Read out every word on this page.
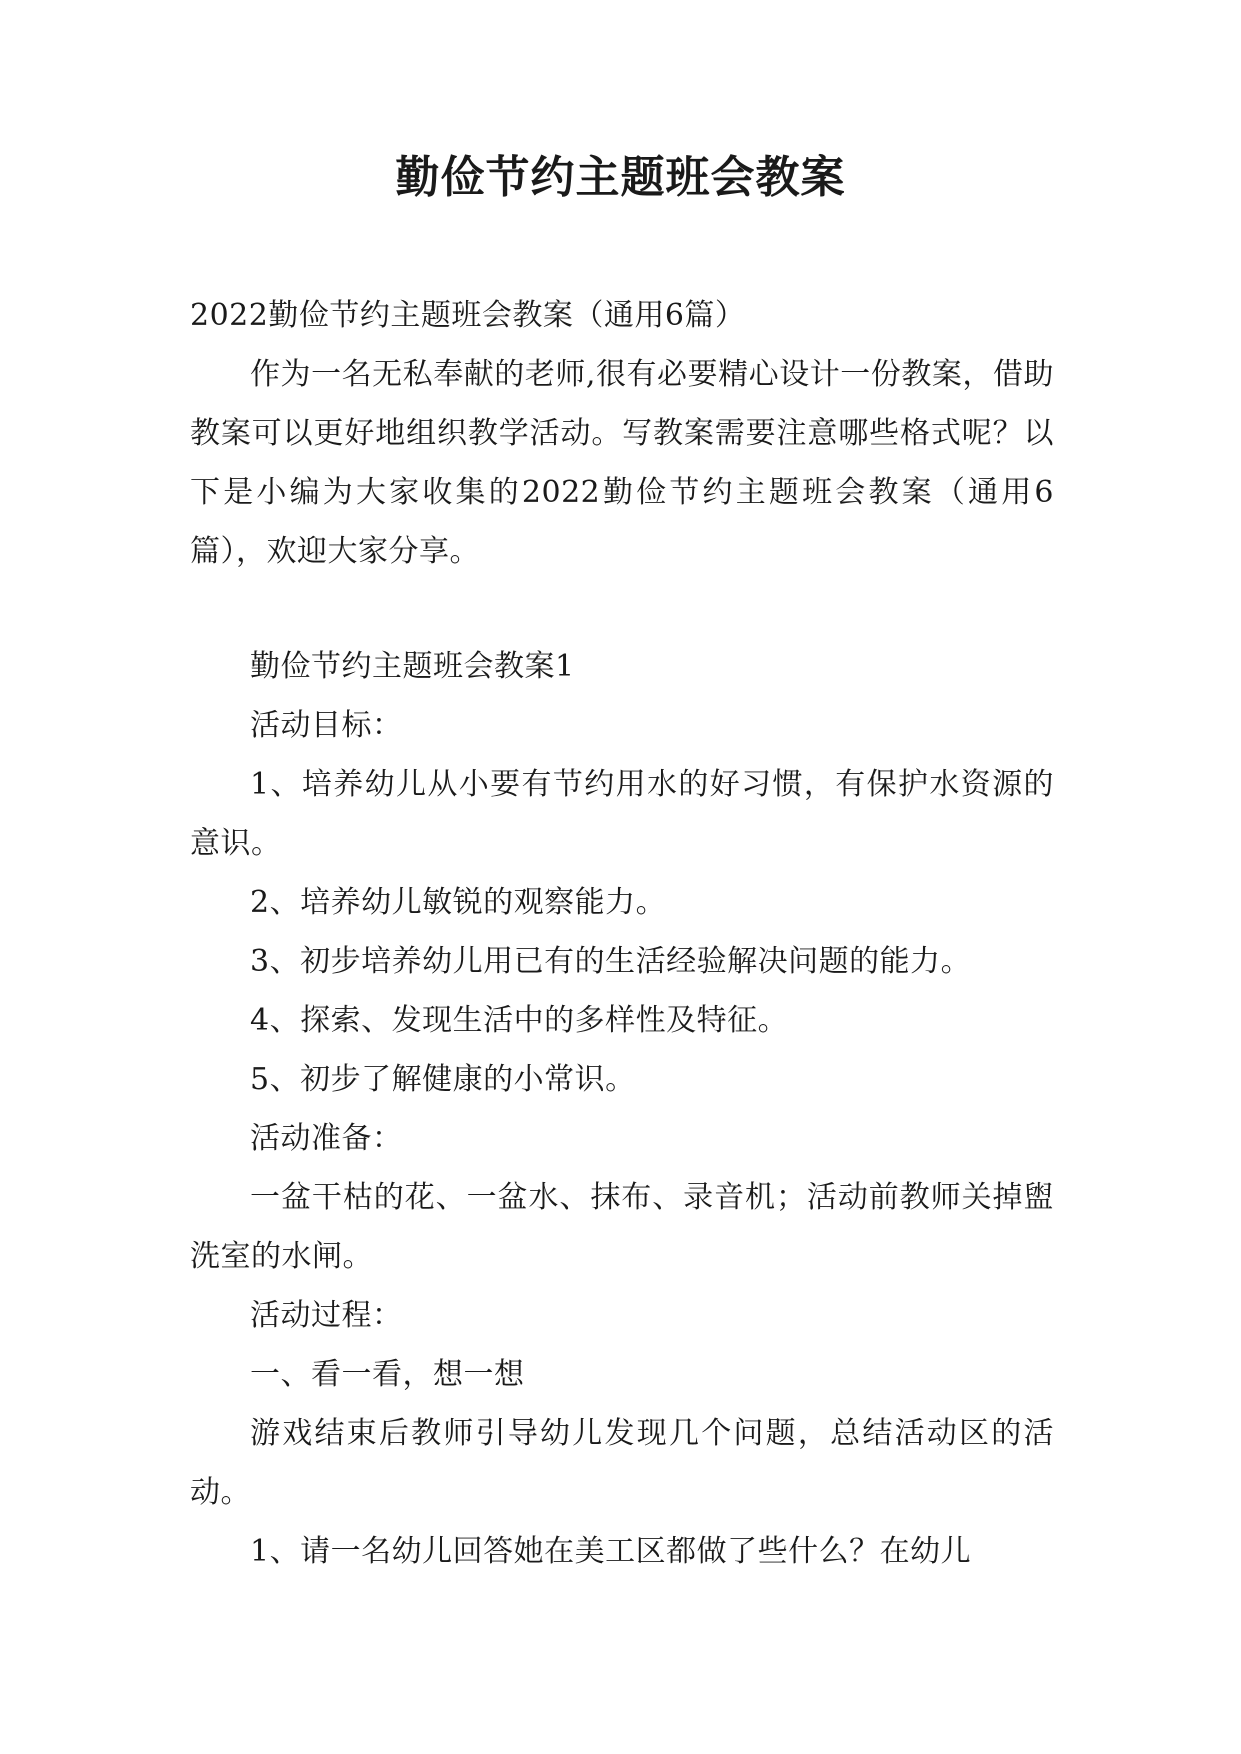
勤俭节约主题班会教案

2022勤俭节约主题班会教案（通用6篇）

作为一名无私奉献的老师,很有必要精心设计一份教案，借助教案可以更好地组织教学活动。写教案需要注意哪些格式呢？以下是小编为大家收集的2022勤俭节约主题班会教案（通用6篇），欢迎大家分享。

勤俭节约主题班会教案1

活动目标：

1、培养幼儿从小要有节约用水的好习惯，有保护水资源的意识。

2、培养幼儿敏锐的观察能力。

3、初步培养幼儿用已有的生活经验解决问题的能力。

4、探索、发现生活中的多样性及特征。

5、初步了解健康的小常识。

活动准备：

一盆干枯的花、一盆水、抹布、录音机；活动前教师关掉盥洗室的水闸。

活动过程：

一、看一看，想一想

游戏结束后教师引导幼儿发现几个问题，总结活动区的活动。

1、请一名幼儿回答她在美工区都做了些什么？在幼儿
